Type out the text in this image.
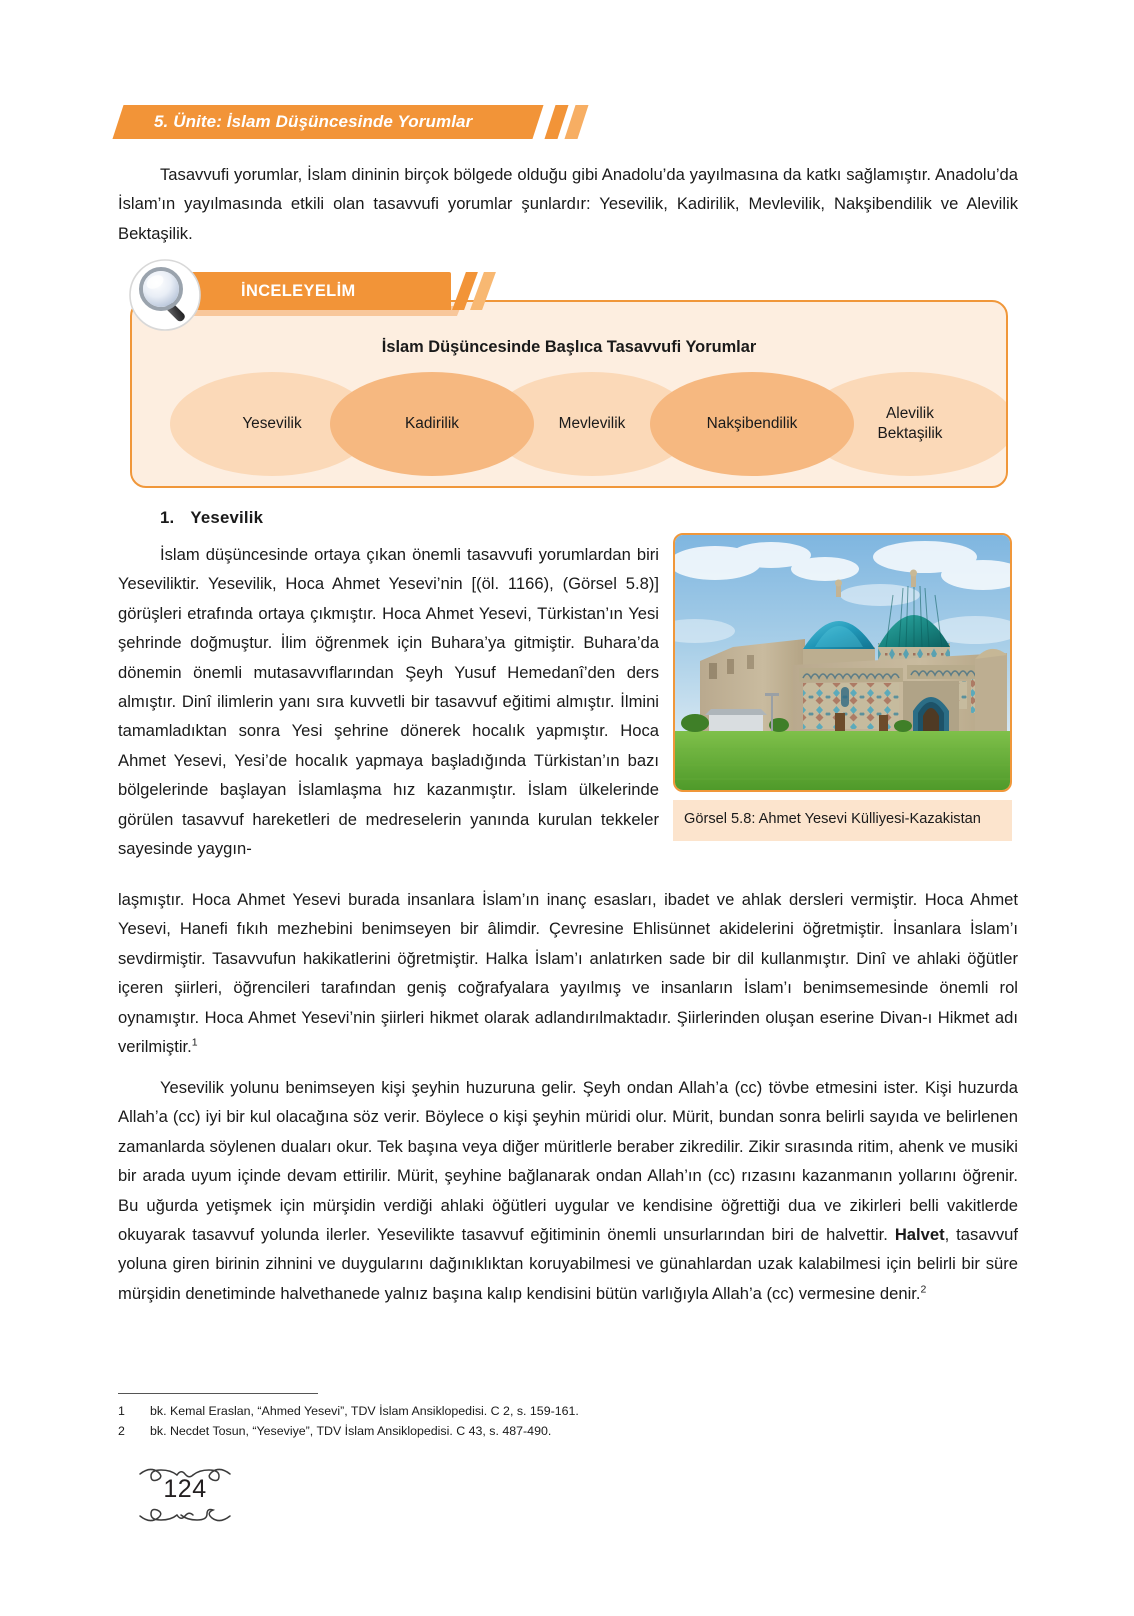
5. Ünite: İslam Düşüncesinde Yorumlar

Tasavvufi yorumlar, İslam dininin birçok bölgede olduğu gibi Anadolu’da yayılmasına da katkı sağlamıştır. Anadolu’da İslam’ın yayılmasında etkili olan tasavvufi yorumlar şunlardır: Yesevilik, Kadirilik, Mevlevilik, Nakşibendilik ve Alevilik Bektaşilik.

İslam Düşüncesinde Başlıca Tasavvufi Yorumlar
Yesevilik	Kadirilik	Mevlevilik	Nakşibendilik
Alevilik
Bektaşilik
İNCELEYELİM
1. Yesevilik
Görsel 5.8: Ahmet Yesevi Külliyesi-Kazakistan

İslam düşüncesinde ortaya çıkan önemli tasavvufi yorumlardan biri Yeseviliktir. Yesevilik, Hoca Ahmet Yesevi’nin [(öl. 1166), (Görsel 5.8)] görüşleri etrafında ortaya çıkmıştır. Hoca Ahmet Yesevi, Türkistan’ın Yesi şehrinde doğmuştur. İlim öğrenmek için Buhara’ya gitmiştir. Buhara’da dönemin önemli mutasavvıflarından Şeyh Yusuf Hemedanî’den ders almıştır. Dinî ilimlerin yanı sıra kuvvetli bir tasavvuf eğitimi almıştır. İlmini tamamladıktan sonra Yesi şehrine dönerek hocalık yapmıştır. Hoca Ahmet Yesevi, Yesi’de hocalık yapmaya başladığında Türkistan’ın bazı bölgelerinde başlayan İslamlaşma hız kazanmıştır. İslam ülkelerinde görülen tasavvuf hareketleri de medreselerin yanında kurulan tekkeler sayesinde yaygın-

laşmıştır. Hoca Ahmet Yesevi burada insanlara İslam’ın inanç esasları, ibadet ve ahlak dersleri vermiştir. Hoca Ahmet Yesevi, Hanefi fıkıh mezhebini benimseyen bir âlimdir. Çevresine Ehlisünnet akidelerini öğretmiştir. İnsanlara İslam’ı sevdirmiştir. Tasavvufun hakikatlerini öğretmiştir. Halka İslam’ı anlatırken sade bir dil kullanmıştır. Dinî ve ahlaki öğütler içeren şiirleri, öğrencileri tarafından geniş coğrafyalara yayılmış ve insanların İslam’ı benimsemesinde önemli rol oynamıştır. Hoca Ahmet Yesevi’nin şiirleri hikmet olarak adlandırılmaktadır. Şiirlerinden oluşan eserine Divan-ı Hikmet adı verilmiştir.$^1$

Yesevilik yolunu benimseyen kişi şeyhin huzuruna gelir. Şeyh ondan Allah’a (cc) tövbe etmesini ister. Kişi huzurda Allah’a (cc) iyi bir kul olacağına söz verir. Böylece o kişi şeyhin müridi olur. Mürit, bundan sonra belirli sayıda ve belirlenen zamanlarda söylenen duaları okur. Tek başına veya diğer müritlerle beraber zikredilir. Zikir sırasında ritim, ahenk ve musiki bir arada uyum içinde devam ettirilir. Mürit, şeyhine bağlanarak ondan Allah’ın (cc) rızasını kazanmanın yollarını öğrenir. Bu uğurda yetişmek için mürşidin verdiği ahlaki öğütleri uygular ve kendisine öğrettiği dua ve zikirleri belli vakitlerde okuyarak tasavvuf yolunda ilerler. Yesevilikte tasavvuf eğitiminin önemli unsurlarından biri de halvettir. Halvet, tasavvuf yoluna giren birinin zihnini ve duygularını dağınıklıktan koruyabilmesi ve günahlardan uzak kalabilmesi için belirli bir süre mürşidin denetiminde halvethanede yalnız başına kalıp kendisini bütün varlığıyla Allah’a (cc) vermesine denir.$^2$

1	bk. Kemal Eraslan, “Ahmed Yesevi”, TDV İslam Ansiklopedisi. C 2, s. 159-161.
2	bk. Necdet Tosun, “Yeseviye”, TDV İslam Ansiklopedisi. C 43, s. 487-490.
124
